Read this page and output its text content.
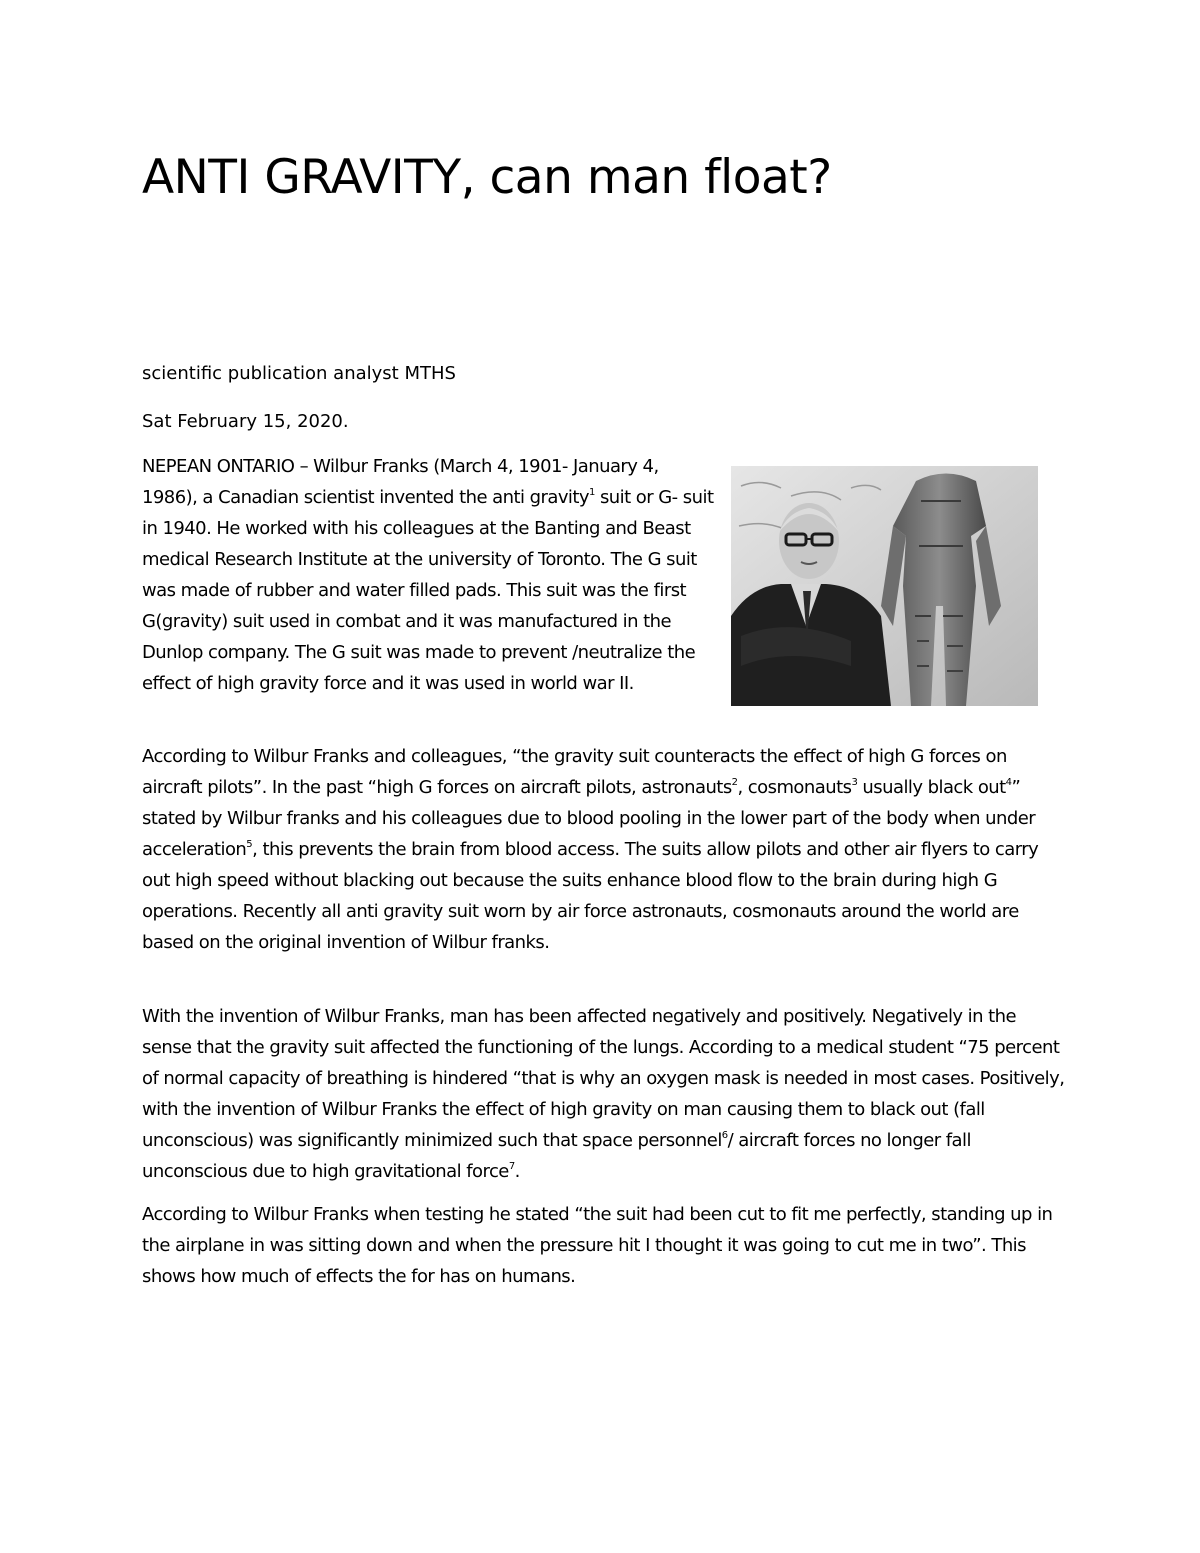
ANTI GRAVITY, can man float?

scientific publication analyst MTHS

Sat February 15, 2020.

NEPEAN ONTARIO – Wilbur Franks (March 4, 1901- January 4, 1986), a Canadian scientist invented the anti gravity$^1$ suit or G- suit in 1940. He worked with his colleagues at the Banting and Beast medical Research Institute at the university of Toronto. The G suit was made of rubber and water filled pads. This suit was the first G(gravity) suit used in combat and it was manufactured in the Dunlop company. The G suit was made to prevent /neutralize the effect of high gravity force and it was used in world war II.

According to Wilbur Franks and colleagues, “the gravity suit counteracts the effect of high G forces on aircraft pilots”. In the past “high G forces on aircraft pilots, astronauts$^2$, cosmonauts$^3$ usually black out$^4$” stated by Wilbur franks and his colleagues due to blood pooling in the lower part of the body when under acceleration$^5$, this prevents the brain from blood access. The suits allow pilots and other air flyers to carry out high speed without blacking out because the suits enhance blood flow to the brain during high G operations. Recently all anti gravity suit worn by air force astronauts, cosmonauts around the world are based on the original invention of Wilbur franks.

With the invention of Wilbur Franks, man has been affected negatively and positively. Negatively in the sense that the gravity suit affected the functioning of the lungs. According to a medical student “75 percent of normal capacity of breathing is hindered “that is why an oxygen mask is needed in most cases. Positively, with the invention of Wilbur Franks the effect of high gravity on man causing them to black out (fall unconscious) was significantly minimized such that space personnel$^6$/ aircraft forces no longer fall unconscious due to high gravitational force$^7$.

According to Wilbur Franks when testing he stated “the suit had been cut to fit me perfectly, standing up in the airplane in was sitting down and when the pressure hit I thought it was going to cut me in two”. This shows how much of effects the for has on humans.
